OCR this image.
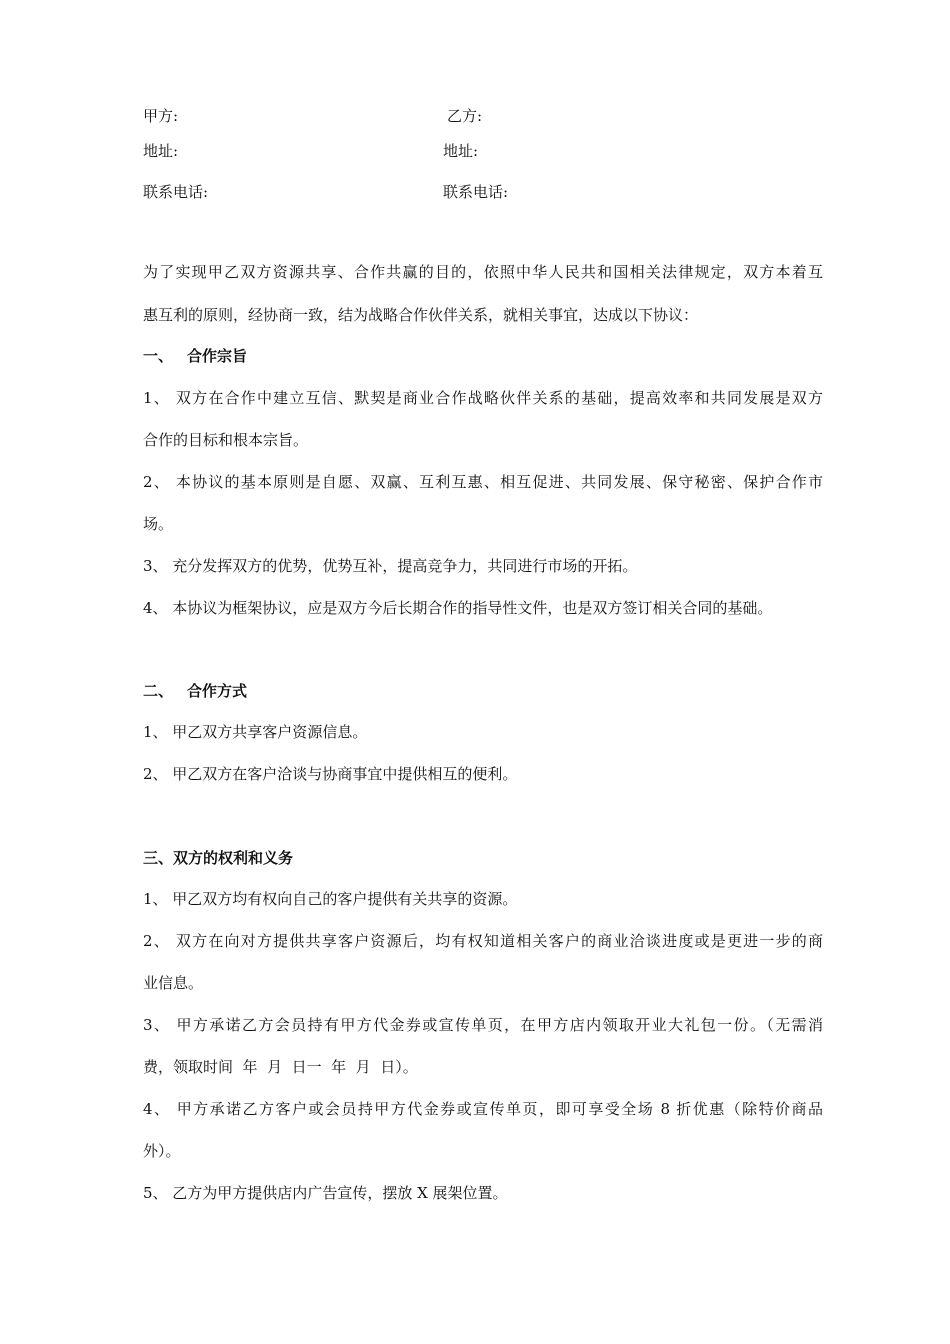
甲方:	乙方:
地址:	地址:
联系电话:	联系电话:
为了实现甲乙双方资源共享、合作共赢的目的，依照中华人民共和国相关法律规定，双方本着互
惠互利的原则，经协商一致，结为战略合作伙伴关系，就相关事宜，达成以下协议：
一、 合作宗旨
1、 双方在合作中建立互信、默契是商业合作战略伙伴关系的基础，提高效率和共同发展是双方
合作的目标和根本宗旨。
2、 本协议的基本原则是自愿、双赢、互利互惠、相互促进、共同发展、保守秘密、保护合作市
场。
3、 充分发挥双方的优势，优势互补，提高竞争力，共同进行市场的开拓。
4、 本协议为框架协议，应是双方今后长期合作的指导性文件，也是双方签订相关合同的基础。
二、 合作方式
1、 甲乙双方共享客户资源信息。
2、 甲乙双方在客户洽谈与协商事宜中提供相互的便利。
三、双方的权利和义务
1、 甲乙双方均有权向自己的客户提供有关共享的资源。
2、 双方在向对方提供共享客户资源后，均有权知道相关客户的商业洽谈进度或是更进一步的商
业信息。
3、 甲方承诺乙方会员持有甲方代金券或宣传单页，在甲方店内领取开业大礼包一份。（无需消
费，领取时间  年  月  日一  年  月  日）。
4、 甲方承诺乙方客户或会员持甲方代金券或宣传单页，即可享受全场 8 折优惠（除特价商品
外）。
5、 乙方为甲方提供店内广告宣传，摆放 X 展架位置。
